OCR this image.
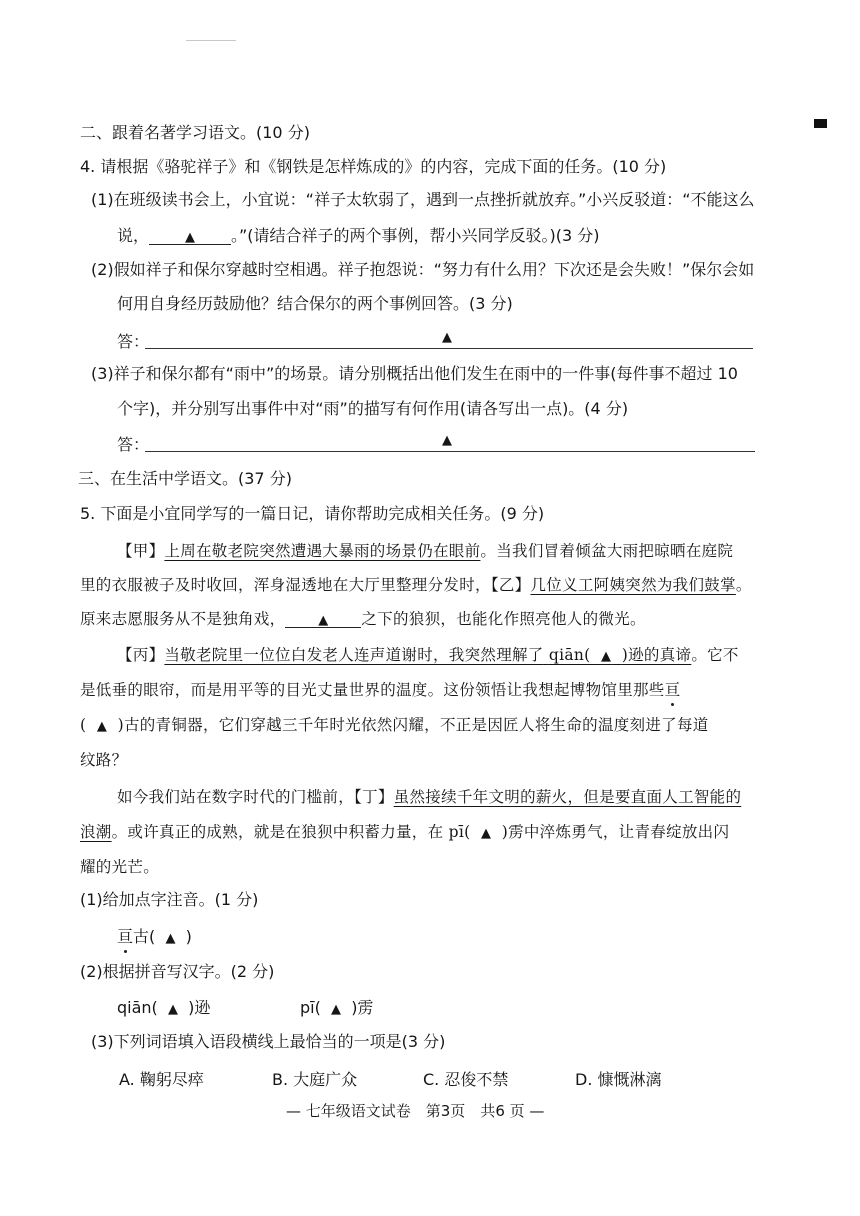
二、跟着名著学习语文。(10 分)
4. 请根据《骆驼祥子》和《钢铁是怎样炼成的》的内容，完成下面的任务。(10 分)
(1)在班级读书会上，小宜说：“祥子太软弱了，遇到一点挫折就放弃。”小兴反驳道：“不能这么
说，	▲ 。”(请结合祥子的两个事例，帮小兴同学反驳。)(3 分)
(2)假如祥子和保尔穿越时空相遇。祥子抱怨说：“努力有什么用？下次还是会失败！”保尔会如
何用自身经历鼓励他？结合保尔的两个事例回答。(3 分)
答：	▲
(3)祥子和保尔都有“雨中”的场景。请分别概括出他们发生在雨中的一件事(每件事不超过 10
个字)，并分别写出事件中对“雨”的描写有何作用(请各写出一点)。(4 分)
答：	▲
三、在生活中学语文。(37 分)
5. 下面是小宜同学写的一篇日记，请你帮助完成相关任务。(9 分)
【甲】上周在敬老院突然遭遇大暴雨的场景仍在眼前。当我们冒着倾盆大雨把晾晒在庭院
里的衣服被子及时收回，浑身湿透地在大厅里整理分发时，【乙】几位义工阿姨突然为我们鼓掌。
原来志愿服务从不是独角戏，	▲ 之下的狼狈，也能化作照亮他人的微光。
【丙】当敬老院里一位位白发老人连声道谢时，我突然理解了 qiān( ▲ )逊的真谛。它不
是低垂的眼帘，而是用平等的目光丈量世界的温度。这份领悟让我想起博物馆里那些亘
( ▲ )古的青铜器，它们穿越三千年时光依然闪耀，不正是因匠人将生命的温度刻进了每道
纹路？
如今我们站在数字时代的门槛前，【丁】虽然接续千年文明的薪火，但是要直面人工智能的
浪潮。或许真正的成熟，就是在狼狈中积蓄力量，在 pī( ▲ )雳中淬炼勇气，让青春绽放出闪
耀的光芒。
(1)给加点字注音。(1 分)
亘古( ▲ )
(2)根据拼音写汉字。(2 分)
qiān( ▲ )逊	pī( ▲ )雳
(3)下列词语填入语段横线上最恰当的一项是(3 分)
A. 鞠躬尽瘁	B. 大庭广众	C. 忍俊不禁	D. 慷慨淋漓
— 七年级语文试卷　第3页　共6 页 —
